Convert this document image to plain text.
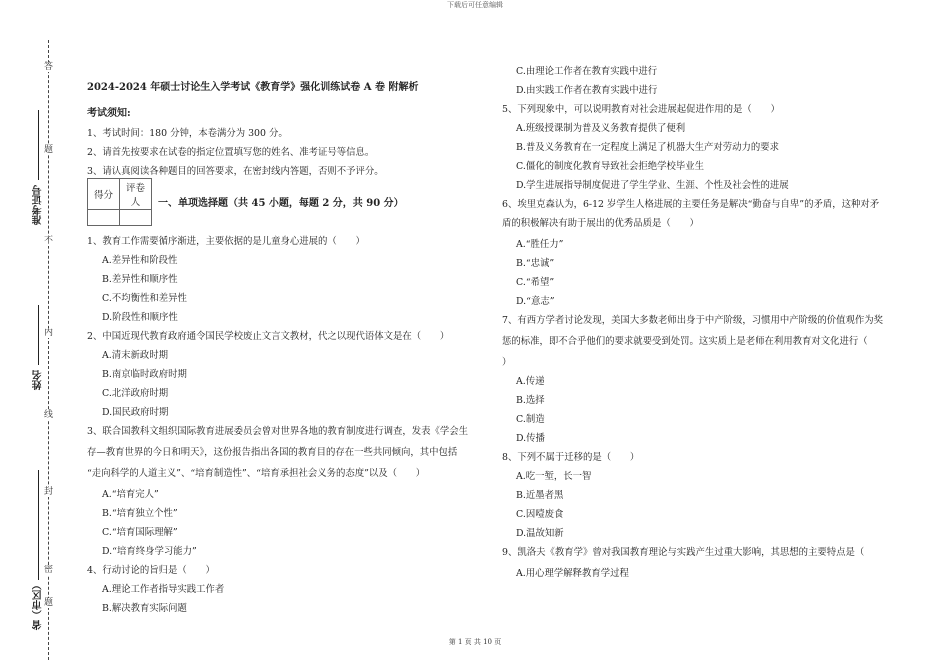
下载后可任意编辑
准考证号
姓名
省（市区）
答
题
不
内
线
封
密
题
2024-2024 年硕士讨论生入学考试《教育学》强化训练试卷 A 卷 附解析
考试须知:
1、考试时间：180 分钟，本卷满分为 300 分。
2、请首先按要求在试卷的指定位置填写您的姓名、准考证号等信息。
3、请认真阅读各种题目的回答要求，在密封线内答题，否则不予评分。
得分	评卷人
	一、单项选择题（共 45 小题，每题 2 分，共 90 分）
1、教育工作需要循序渐进，主要依据的是儿童身心进展的（　　）
A.差异性和阶段性
B.差异性和顺序性
C.不均衡性和差异性
D.阶段性和顺序性
2、中国近现代教育政府通令国民学校废止文言文教材，代之以现代语体文是在（　　）
A.清末新政时期
B.南京临时政府时期
C.北洋政府时期
D.国民政府时期
3、联合国教科文组织国际教育进展委员会曾对世界各地的教育制度进行调查，发表《学会生
存—教育世界的今日和明天》，这份报告指出各国的教育目的存在一些共同倾向，其中包括
“走向科学的人道主义”、“培育制造性”、“培育承担社会义务的态度”以及（　　）
A.“培育完人”
B.“培育独立个性”
C.“培育国际理解”
D.“培育终身学习能力”
4、行动讨论的旨归是（　　）
A.理论工作者指导实践工作者
B.解决教育实际问题
C.由理论工作者在教育实践中进行
D.由实践工作者在教育实践中进行
5、下列现象中，可以说明教育对社会进展起促进作用的是（　　）
A.班级授课制为普及义务教育提供了便利
B.普及义务教育在一定程度上满足了机器大生产对劳动力的要求
C.僵化的制度化教育导致社会拒绝学校毕业生
D.学生进展指导制度促进了学生学业、生涯、个性及社会性的进展
6、埃里克森认为，6-12 岁学生人格进展的主要任务是解决“勤奋与自卑”的矛盾，这种对矛
盾的积极解决有助于展出的优秀品质是（　　）
A.“胜任力”
B.“忠诚”
C.“希望”
D.“意志”
7、有西方学者讨论发现，美国大多数老师出身于中产阶级，习惯用中产阶级的价值观作为奖
惩的标准，即不合乎他们的要求就要受到处罚。这实质上是老师在利用教育对文化进行（
）
A.传递
B.选择
C.制造
D.传播
8、下列不属于迁移的是（　　）
A.吃一堑，长一智
B.近墨者黑
C.因噎废食
D.温故知新
9、凯洛夫《教育学》曾对我国教育理论与实践产生过重大影响，其思想的主要特点是（
A.用心理学解释教育学过程
第 1 页 共 10 页
